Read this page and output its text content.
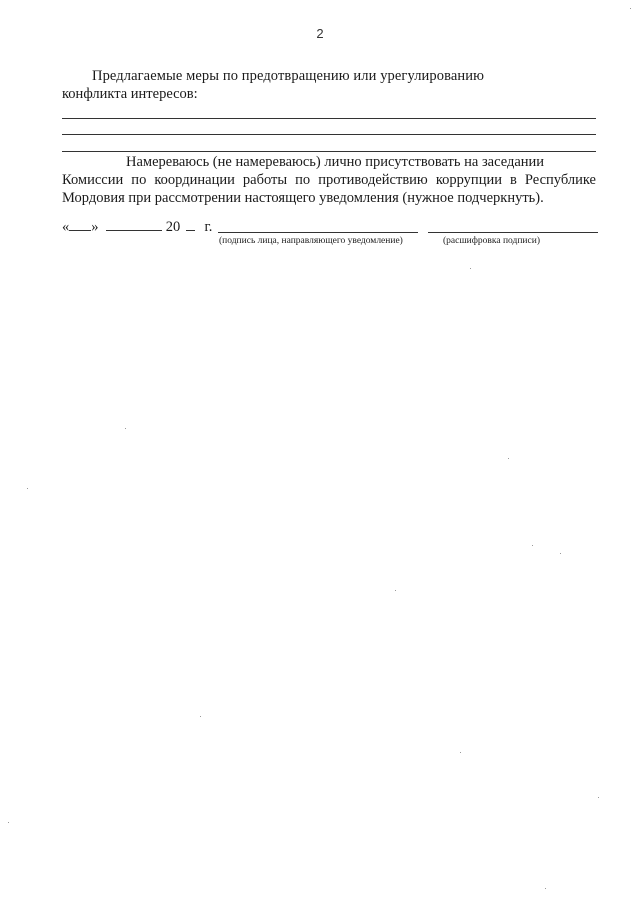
2
Предлагаемые меры по предотвращению или урегулированию
конфликта интересов:
Намереваюсь (не намереваюсь) лично присутствовать на заседании
Комиссии по координации работы по противодействию коррупции в Республике
Мордовия при рассмотрении настоящего уведомления (нужное подчеркнуть).
« »	20 г.
(подпись лица, направляющего уведомление)	(расшифровка подписи)
